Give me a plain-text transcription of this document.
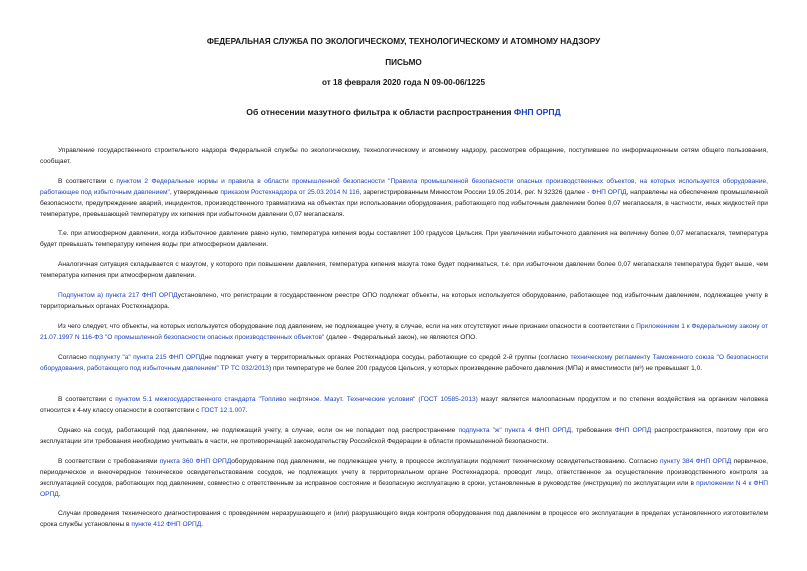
ФЕДЕРАЛЬНАЯ СЛУЖБА ПО ЭКОЛОГИЧЕСКОМУ, ТЕХНОЛОГИЧЕСКОМУ И АТОМНОМУ НАДЗОРУ
ПИСЬМО
от 18 февраля 2020 года N 09-00-06/1225
Об отнесении мазутного фильтра к области распространения ФНП ОРПД
Управление государственного строительного надзора Федеральной службы по экологическому, технологическому и атомному надзору, рассмотрев обращение, поступившее по информационным сетям общего пользования, сообщает.
В соответствии с пунктом 2 Федеральные нормы и правила в области промышленной безопасности "Правила промышленной безопасности опасных производственных объектов, на которых используется оборудование, работающее под избыточным давлением", утвержденные приказом Ростехнадзора от 25.03.2014 N 116, зарегистрированным Минюстом России 19.05.2014, рег. N 32326 (далее - ФНП ОРПД, направлены на обеспечение промышленной безопасности, предупреждение аварий, инцидентов, производственного травматизма на объектах при использовании оборудования, работающего под избыточным давлением более 0,07 мегапаскаля, в частности, иных жидкостей при температуре, превышающей температуру их кипения при избыточном давлении 0,07 мегапаскаля.
Т.е. при атмосферном давлении, когда избыточное давление равно нулю, температура кипения воды составляет 100 градусов Цельсия. При увеличении избыточного давления на величину более 0,07 мегапаскаля, температура будет превышать температуру кипения воды при атмосферном давлении.
Аналогичная ситуация складывается с мазутом, у которого при повышении давления, температура кипения мазута тоже будет подниматься, т.е. при избыточном давлении более 0,07 мегапаскаля температура будет выше, чем температура кипения при атмосферном давлении.
Подпунктом а) пункта 217 ФНП ОРПДустановлено, что регистрации в государственном реестре ОПО подлежат объекты, на которых используется оборудование, работающее под избыточным давлением, подлежащее учету в территориальных органах Ростехнадзора.
Из чего следует, что объекты, на которых используется оборудование под давлением, не подлежащее учету, в случае, если на них отсутствуют иные признаки опасности в соответствии с Приложением 1 к Федеральному закону от 21.07.1997 N 116-ФЗ "О промышленной безопасности опасных производственных объектов" (далее - Федеральный закон), не являются ОПО.
Согласно подпункту "а" пункта 215 ФНП ОРПДне подлежат учету в территориальных органах Ростехнадзора сосуды, работающие со средой 2-й группы (согласно техническому регламенту Таможенного союза "О безопасности оборудования, работающего под избыточным давлением" ТР ТС 032/2013) при температуре не более 200 градусов Цельсия, у которых произведение рабочего давления (МПа) и вместимости (м³) не превышает 1,0.
В соответствии с пунктом 5.1 межгосударственного стандарта "Топливо нефтяное. Мазут. Технические условия" (ГОСТ 10585-2013) мазут является малоопасным продуктом и по степени воздействия на организм человека относится к 4-му классу опасности в соответствии с ГОСТ 12.1.007.
Однако на сосуд, работающий под давлением, не подлежащий учету, в случае, если он не попадает под распространение подпункта "ж" пункта 4 ФНП ОРПД, требования ФНП ОРПД распространяются, поэтому при его эксплуатации эти требования необходимо учитывать в части, не противоречащей законодательству Российской Федерации в области промышленной безопасности.
В соответствии с требованиями пункта 360 ФНП ОРПДоборудование под давлением, не подлежащее учету, в процессе эксплуатации подлежит техническому освидетельствованию. Согласно пункту 384 ФНП ОРПД первичное, периодическое и внеочередное техническое освидетельствование сосудов, не подлежащих учету в территориальном органе Ростехнадзора, проводит лицо, ответственное за осуществление производственного контроля за эксплуатацией сосудов, работающих под давлением, совместно с ответственным за исправное состояние и безопасную эксплуатацию в сроки, установленные в руководстве (инструкции) по эксплуатации или в приложении N 4 к ФНП ОРПД.
Случаи проведения технического диагностирования с проведением неразрушающего и (или) разрушающего вида контроля оборудования под давлением в процессе его эксплуатации в пределах установленного изготовителем срока службы установлены в пункте 412 ФНП ОРПД.
